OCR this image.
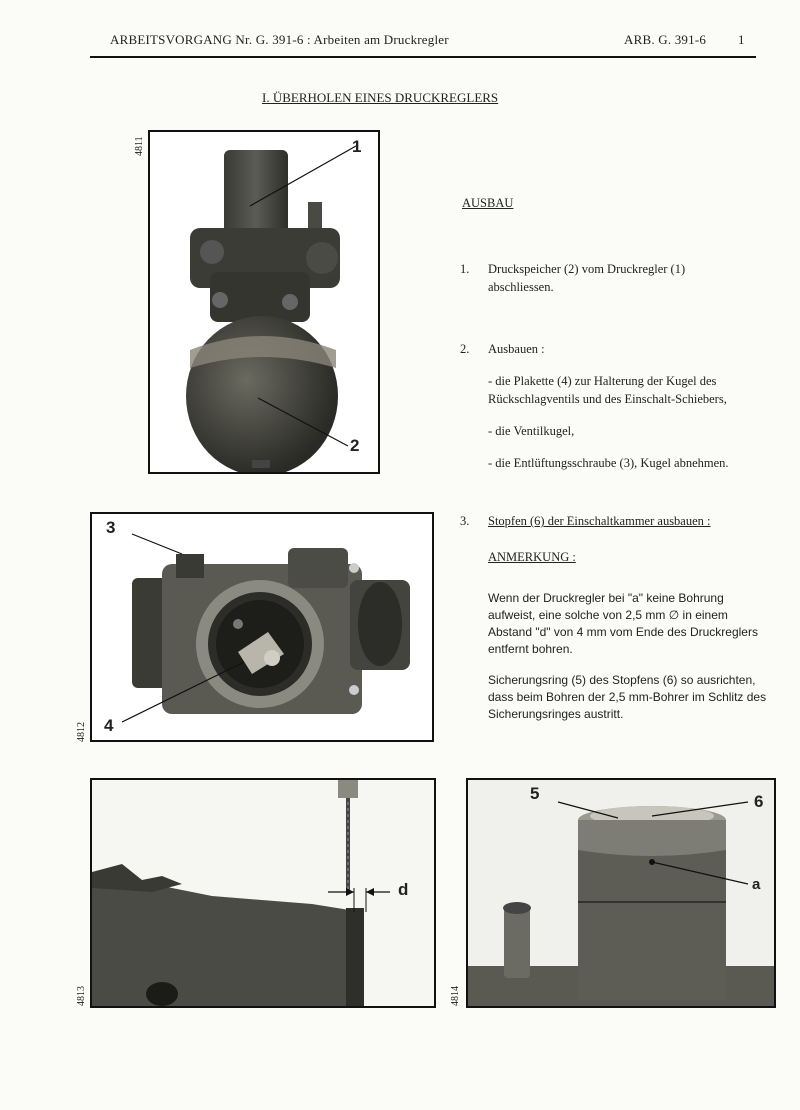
ARBEITSVORGANG Nr. G. 391-6 : Arbeiten am Druckregler	ARB. G. 391-6 1
I. ÜBERHOLEN EINES DRUCKREGLERS
4811	1
2
4812
3
4
4813
d
4814
5	6
a
AUSBAU
1. Druckspeicher (2) vom Druckregler (1) abschliessen.
2. Ausbauen :
- die Plakette (4) zur Halterung der Kugel des Rückschlagventils und des Einschalt-Schiebers,
- die Ventilkugel,
- die Entlüftungsschraube (3), Kugel abnehmen.
3. Stopfen (6) der Einschaltkammer ausbauen :
ANMERKUNG :
Wenn der Druckregler bei "a" keine Bohrung aufweist, eine solche von 2,5 mm ∅ in einem Abstand "d" von 4 mm vom Ende des Druckreglers entfernt bohren.
Sicherungsring (5) des Stopfens (6) so ausrichten, dass beim Bohren der 2,5 mm-Bohrer im Schlitz des Sicherungsringes austritt.
